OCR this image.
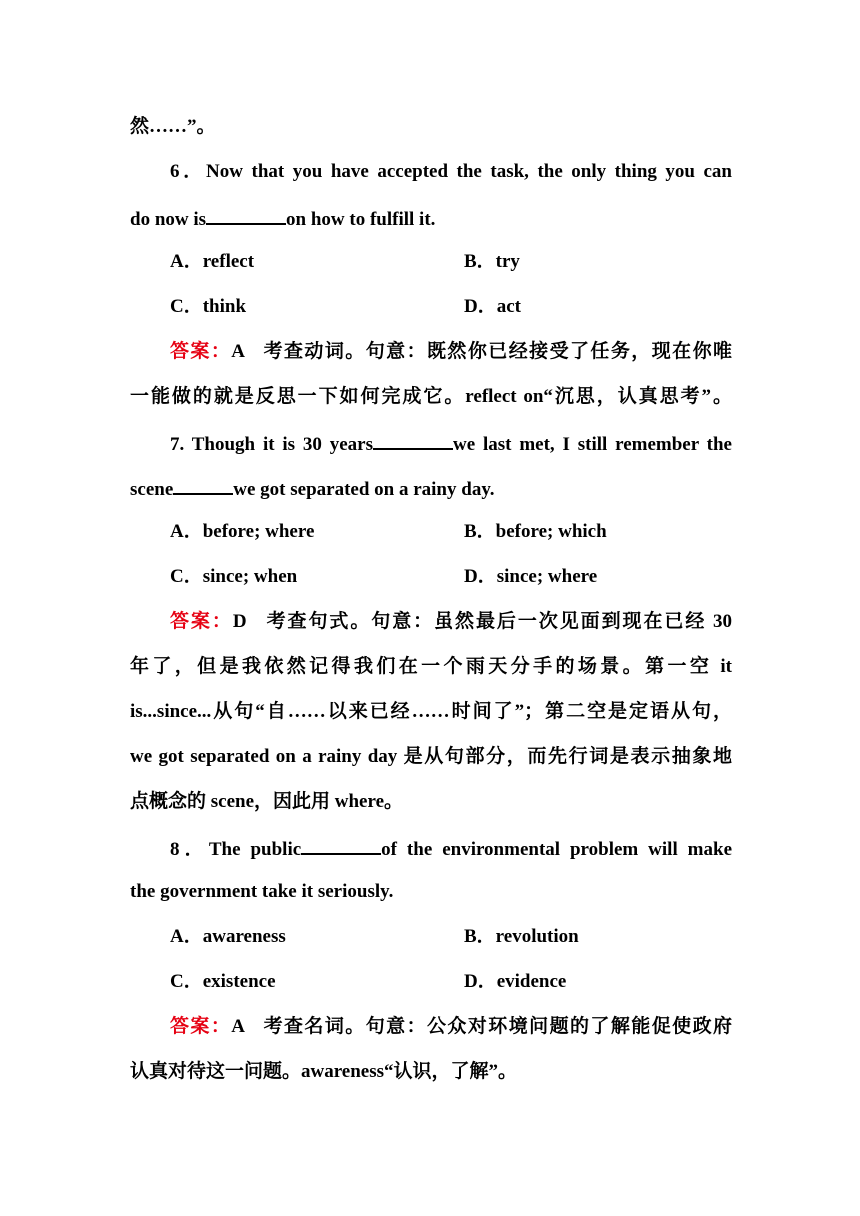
然……”。
6．Now that you have accepted the task, the only thing you can
do now is	on how to fulfill it.
A．reflect	B．try
C．think	D．act
答案：A 考查动词。句意：既然你已经接受了任务，现在你唯
一能做的就是反思一下如何完成它。reflect on“沉思，认真思考”。
7. Though it is 30 years	we last met, I still remember the
scene	we got separated on a rainy day.
A．before; where	B．before; which
C．since; when	D．since; where
答案：D 考查句式。句意：虽然最后一次见面到现在已经 30
年了，但是我依然记得我们在一个雨天分手的场景。第一空 it
is...since...从句“自……以来已经……时间了”；第二空是定语从句，
we got separated on a rainy day 是从句部分，而先行词是表示抽象地
点概念的 scene，因此用 where。
8．The public	of the environmental problem will make
the government take it seriously.
A．awareness	B．revolution
C．existence	D．evidence
答案：A 考查名词。句意：公众对环境问题的了解能促使政府
认真对待这一问题。awareness“认识，了解”。
